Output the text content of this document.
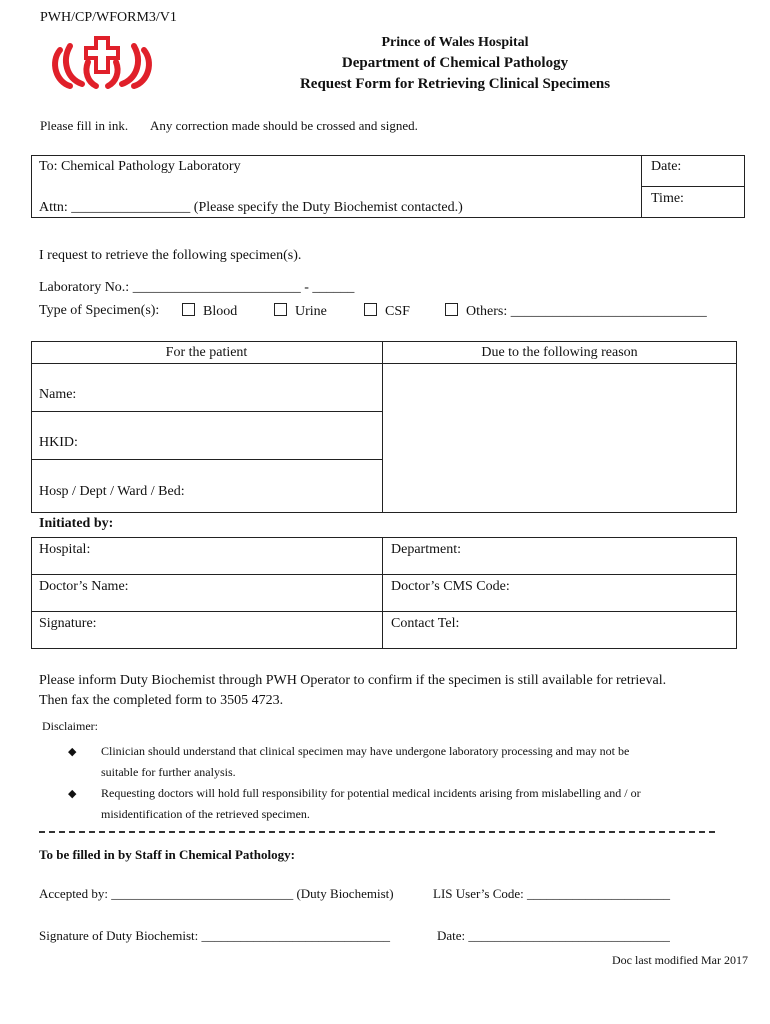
PWH/CP/WFORM3/V1
Prince of Wales Hospital
Department of Chemical Pathology
Request Form for Retrieving Clinical Specimens
Please fill in ink. Any correction made should be crossed and signed.
To: Chemical Pathology Laboratory
Attn: _________________ (Please specify the Duty Biochemist contacted.)
Date:
Time:
I request to retrieve the following specimen(s).
Laboratory No.: ________________________ - ______
Type of Specimen(s):	Blood	Urine	CSF	Others: ____________________________
For the patient	Due to the following reason
Name:
HKID:
Hosp / Dept / Ward / Bed:
Initiated by:
Hospital:	Department:
Doctor’s Name:	Doctor’s CMS Code:
Signature:	Contact Tel:
Please inform Duty Biochemist through PWH Operator to confirm if the specimen is still available for retrieval.
Then fax the completed form to 3505 4723.
Disclaimer:
◆ Clinician should understand that clinical specimen may have undergone laboratory processing and may not be
suitable for further analysis.
◆ Requesting doctors will hold full responsibility for potential medical incidents arising from mislabelling and / or
misidentification of the retrieved specimen.
To be filled in by Staff in Chemical Pathology:
Accepted by: ____________________________ (Duty Biochemist)	LIS User’s Code: ______________________
Signature of Duty Biochemist: _____________________________	Date: _______________________________
Doc last modified Mar 2017
